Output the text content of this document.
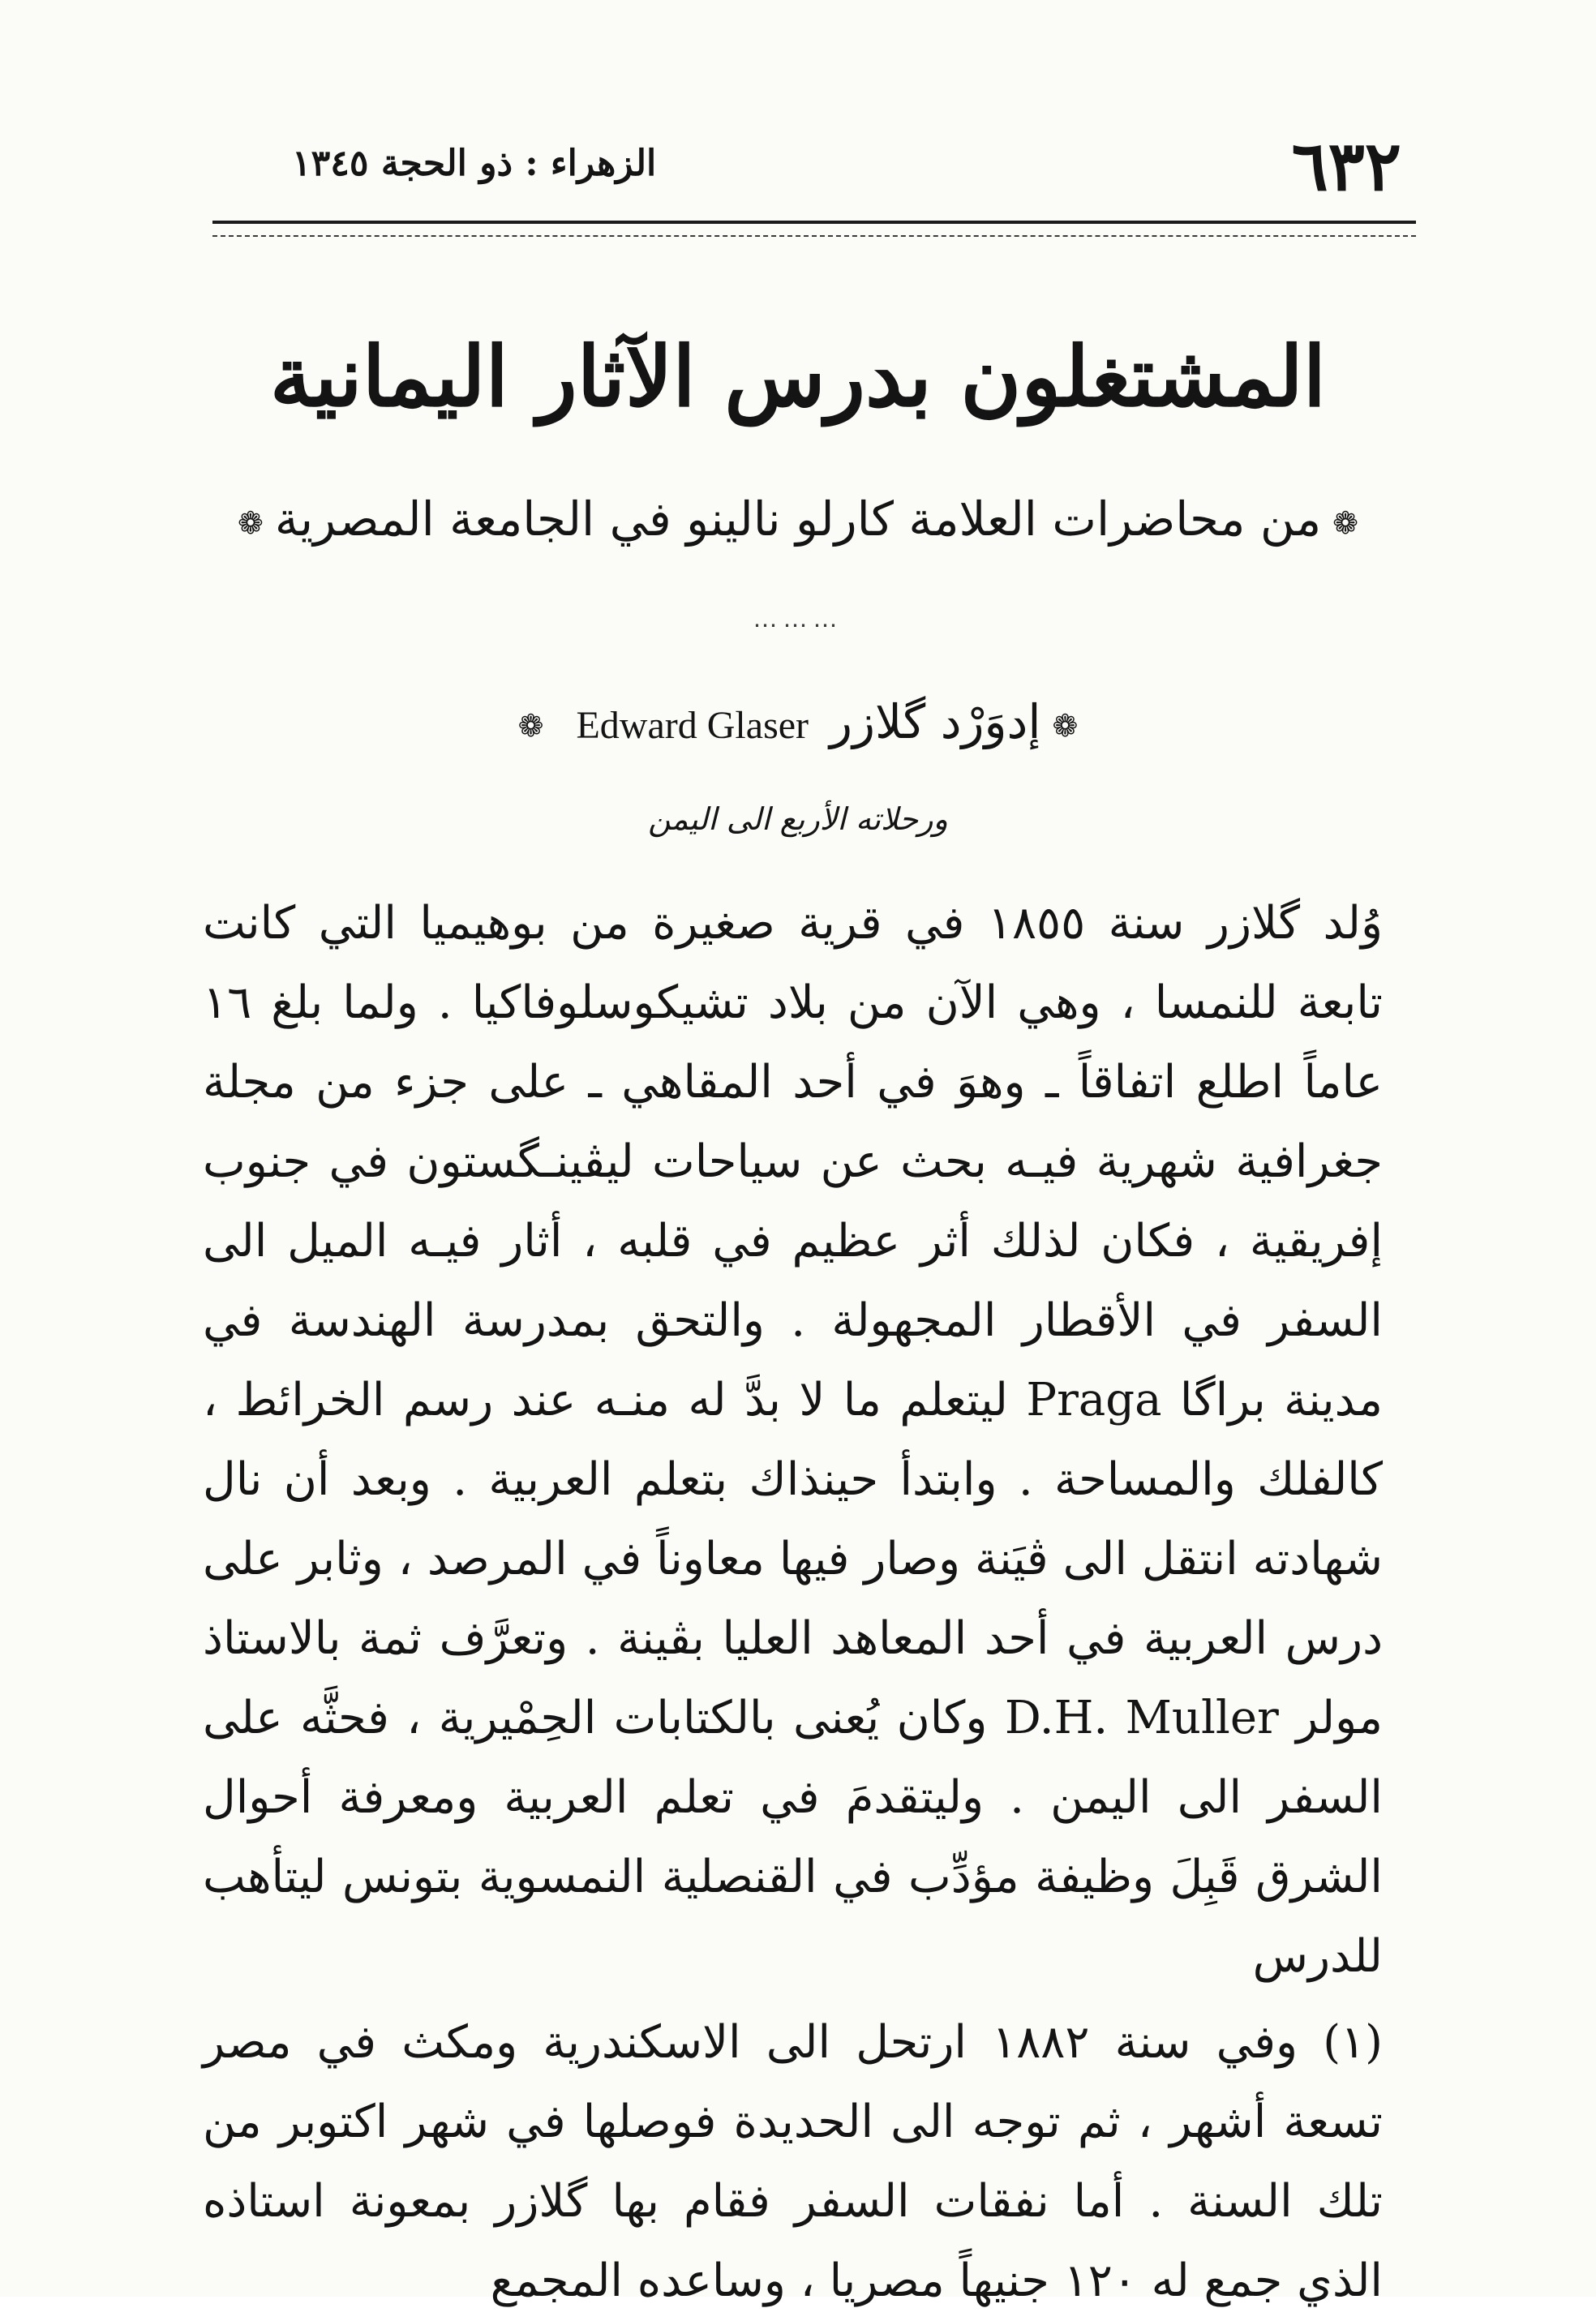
٦٣٢
الزهراء : ذو الحجة ١٣٤٥
المشتغلون بدرس الآثار اليمانية
❁من محاضرات العلامة كارلو نالينو في الجامعة المصرية❁
⋯⋯⋯
❁إدوَرْد گلازرEdward Glaser❁
ورحلاته الأربع الى اليمن

وُلد گلازر سنة ١٨٥٥ في قرية صغيرة من بوهيميا التي كانت تابعة للنمسا ، وهي الآن من بلاد تشيكوسلوفاكيا . ولما بلغ ١٦ عاماً اطلع اتفاقاً ـ وهوَ في أحد المقاهي ـ على جزء من مجلة جغرافية شهرية فيـه بحث عن سياحات ليڤينـگستون في جنوب إفريقية ، فكان لذلك أثر عظيم في قلبه ، أثار فيـه الميل الى السفر في الأقطار المجهولة . والتحق بمدرسة الهندسة في مدينة براگا Praga ليتعلم ما لا بدَّ له منـه عند رسم الخرائط ، كالفلك والمساحة . وابتدأ حينذاك بتعلم العربية . وبعد أن نال شهادته انتقل الى ڤيَنة وصار فيها معاوناً في المرصد ، وثابر على درس العربية في أحد المعاهد العليا بڤينة . وتعرَّف ثمة بالاستاذ مولر D.H. Muller وكان يُعنى بالكتابات الحِمْيرية ، فحثَّه على السفر الى اليمن . وليتقدمَ في تعلم العربية ومعرفة أحوال الشرق قَبِلَ وظيفة مؤدِّب في القنصلية النمسوية بتونس ليتأهب للدرس

(١) وفي سنة ١٨٨٢ ارتحل الى الاسكندرية ومكث في مصر تسعة أشهر ، ثم توجه الى الحديدة فوصلها في شهر اكتوبر من تلك السنة . أما نفقات السفر فقام بها گلازر بمعونة استاذه الذي جمع له ١٢٠ جنيهاً مصريا ، وساعده المجمع
